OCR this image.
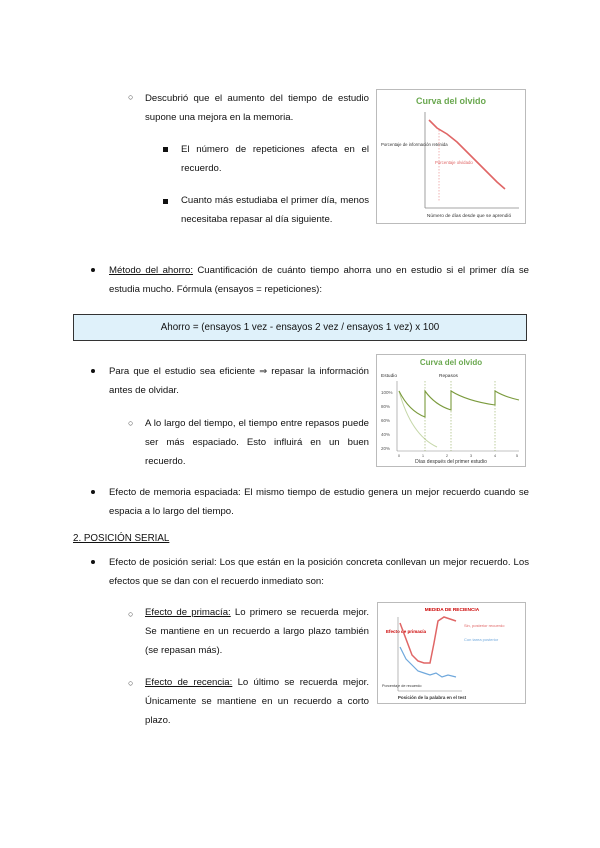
○ Descubrió que el aumento del tiempo de estudio supone una mejora en la memoria.
El número de repeticiones afecta en el recuerdo.
Cuanto más estudiaba el primer día, menos necesitaba repasar al día siguiente.
Curva del olvido
Porcentaje de información retenida
Porcentaje olvidado
Número de días desde que se aprendió
Método del ahorro: Cuantificación de cuánto tiempo ahorra uno en estudio si el primer día se estudia mucho. Fórmula (ensayos = repeticiones):
Ahorro = (ensayos 1 vez - ensayos 2 vez / ensayos 1 vez) x 100
Para que el estudio sea eficiente ⇒ repasar la información antes de olvidar.
○ A lo largo del tiempo, el tiempo entre repasos puede ser más espaciado. Esto influirá en un buen recuerdo.
Curva del olvido
Estudio	Repasos
100%
80%
60%
40%
20%
0	1	2	3	4	5
Días después del primer estudio
Efecto de memoria espaciada: El mismo tiempo de estudio genera un mejor recuerdo cuando se espacia a lo largo del tiempo.
2. POSICIÓN SERIAL
Efecto de posición serial: Los que están en la posición concreta conllevan un mejor recuerdo. Los efectos que se dan con el recuerdo inmediato son:
○ Efecto de primacía: Lo primero se recuerda mejor. Se mantiene en un recuerdo a largo plazo también (se repasan más).
○ Efecto de recencia: Lo último se recuerda mejor. Únicamente se mantiene en un recuerdo a corto plazo.
MEDIDA DE RECIENCIA
Efecto de primacía
Sin, posterior recuerdo
Con tarea posterior
Porcentaje de recuerdo
Posición de la palabra en el test
